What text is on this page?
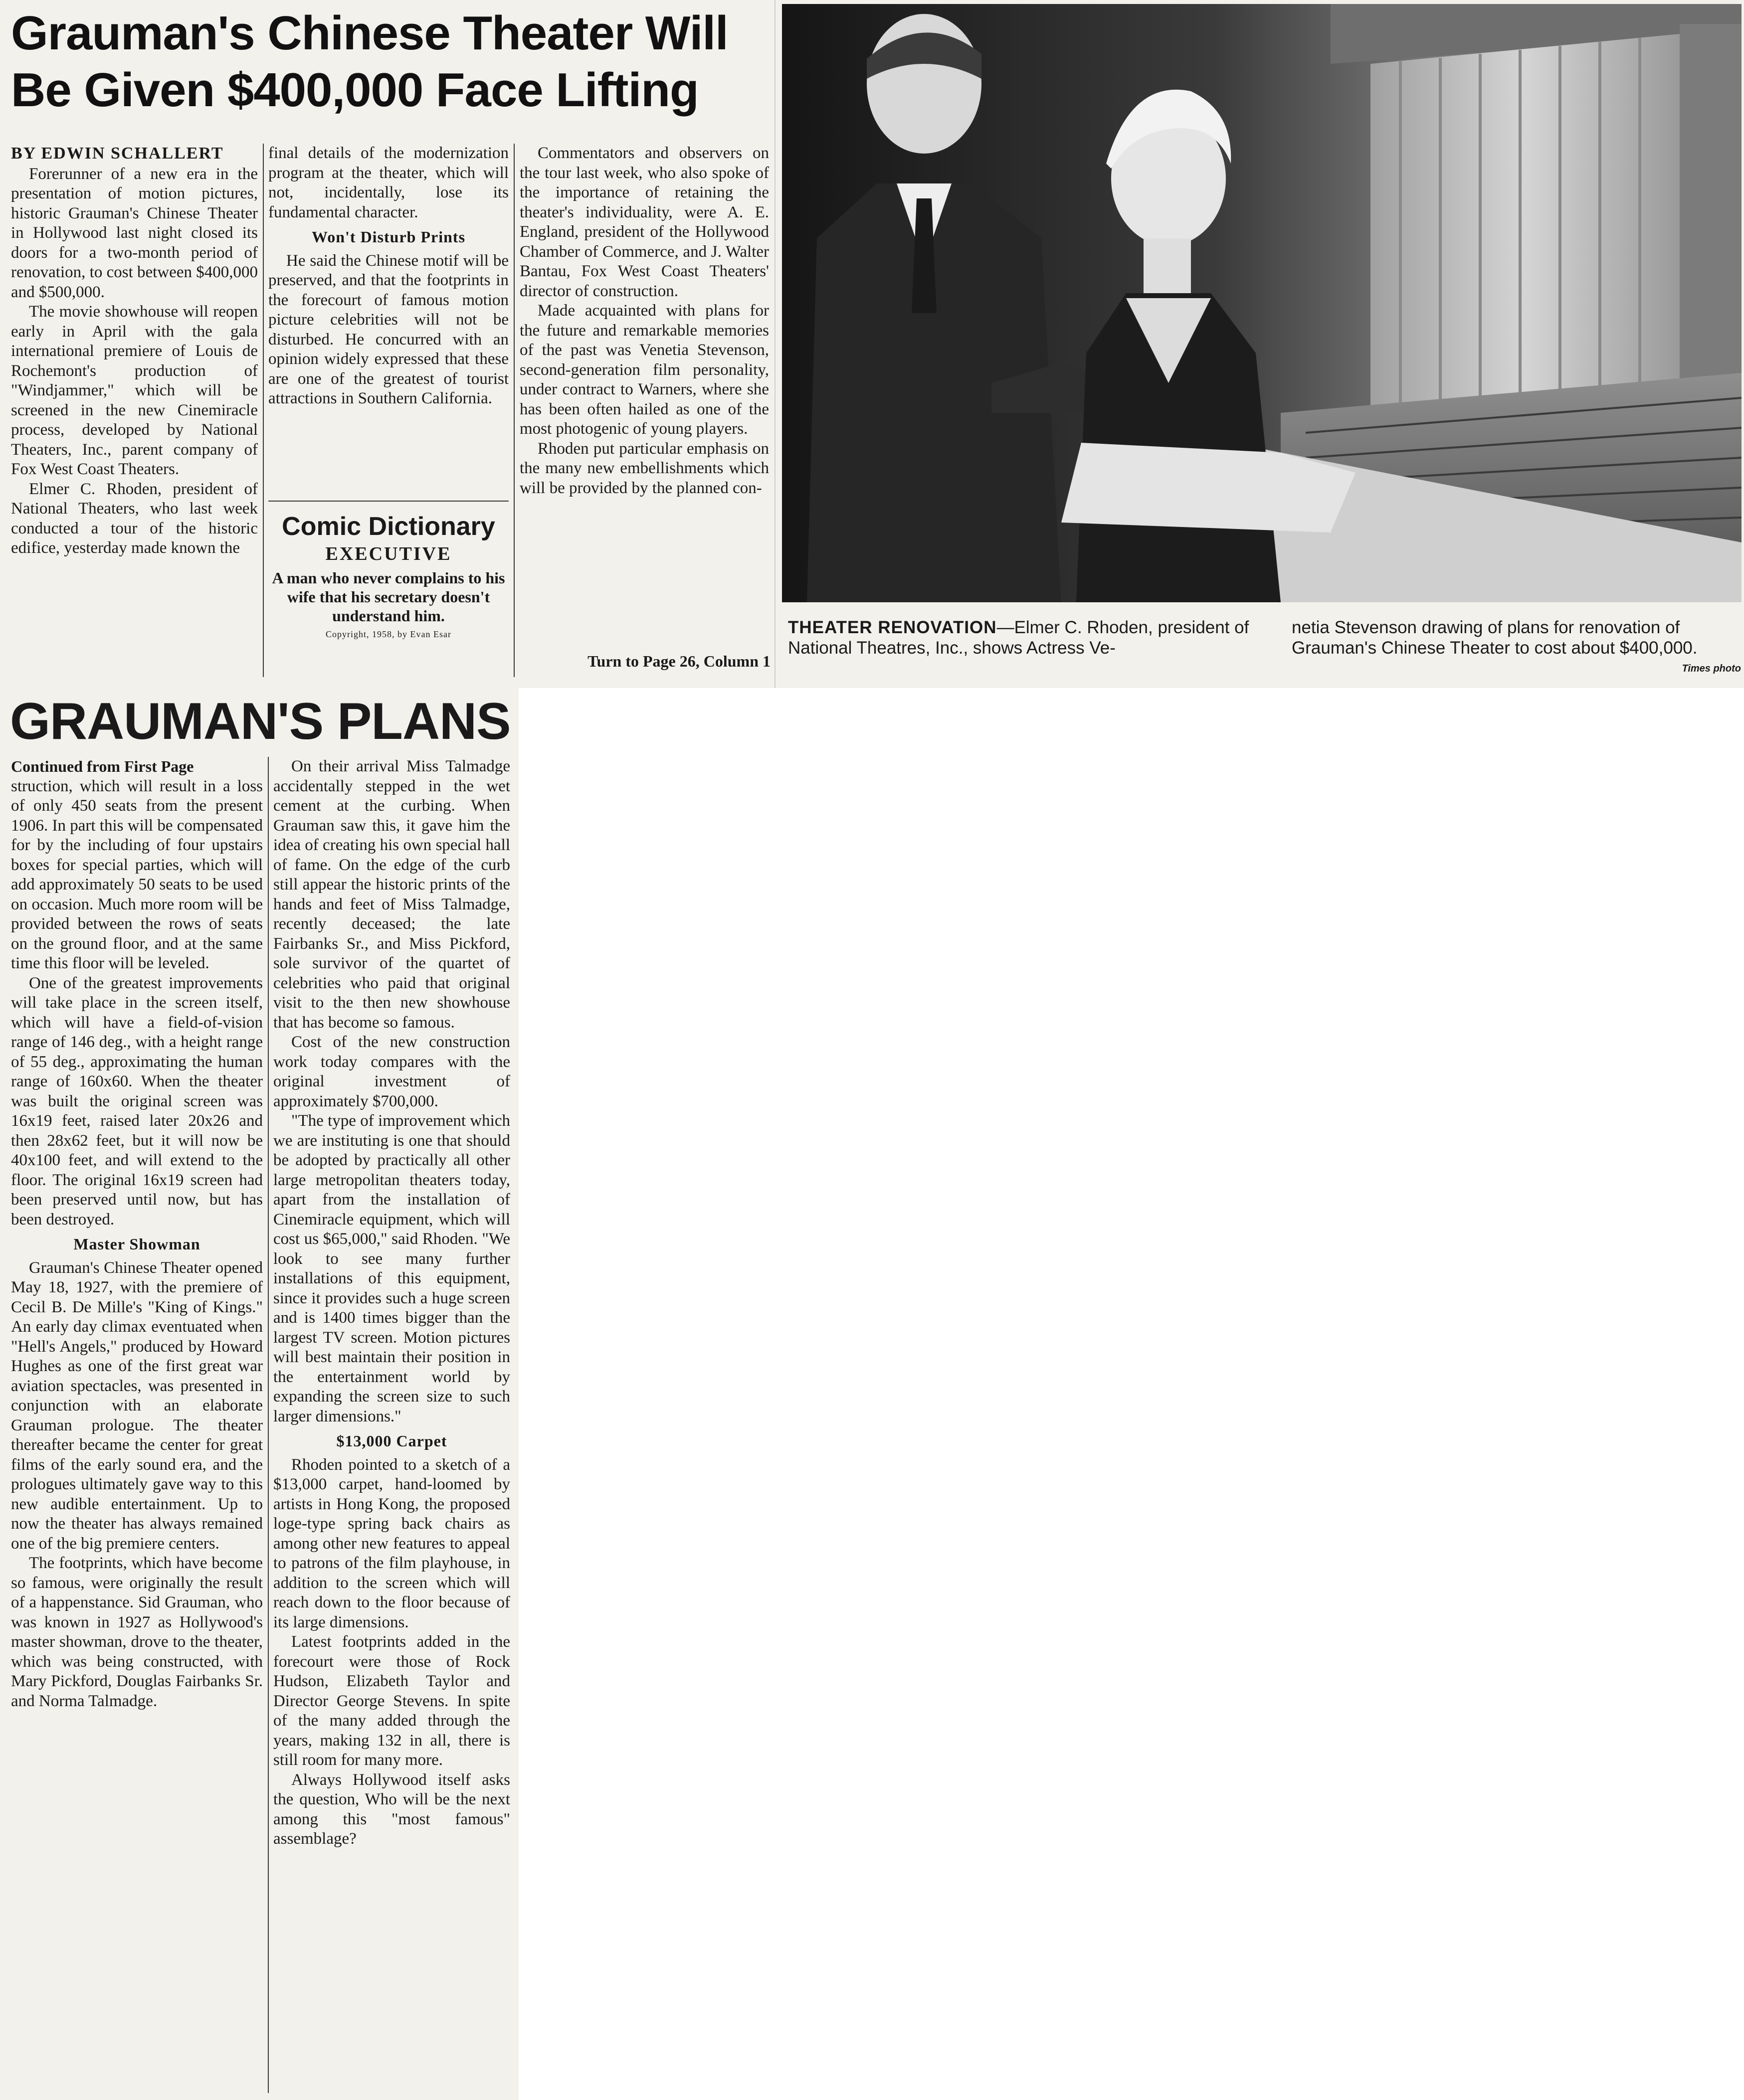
Grauman's Chinese Theater Will
Be Given $400,000 Face Lifting
BY EDWIN SCHALLERT

Forerunner of a new era in the presentation of motion pictures, historic Grauman's Chinese Theater in Hollywood last night closed its doors for a two-month period of renovation, to cost between $400,000 and $500,000.

The movie showhouse will reopen early in April with the gala international premiere of Louis de Rochemont's production of "Windjammer," which will be screened in the new Cinemiracle process, developed by National Theaters, Inc., parent company of Fox West Coast Theaters.

Elmer C. Rhoden, president of National Theaters, who last week conducted a tour of the historic edifice, yesterday made known the

final details of the modernization program at the theater, which will not, incidentally, lose its fundamental character.

Won't Disturb Prints

He said the Chinese motif will be preserved, and that the footprints in the forecourt of famous motion picture celebrities will not be disturbed. He concurred with an opinion widely expressed that these are one of the greatest of tourist attractions in Southern California.

Comic Dictionary
EXECUTIVE
A man who never complains to his wife that his secretary doesn't understand him.
Copyright, 1958, by Evan Esar

Commentators and observers on the tour last week, who also spoke of the importance of retaining the theater's individuality, were A. E. England, president of the Hollywood Chamber of Commerce, and J. Walter Bantau, Fox West Coast Theaters' director of construction.

Made acquainted with plans for the future and remarkable memories of the past was Venetia Stevenson, second-generation film personality, under contract to Warners, where she has been often hailed as one of the most photogenic of young players.

Rhoden put particular emphasis on the many new embellishments which will be provided by the planned con-

Turn to Page 26, Column 1
THEATER RENOVATION—Elmer C. Rhoden, president of National Theatres, Inc., shows Actress Ve-
netia Stevenson drawing of plans for renovation of Grauman's Chinese Theater to cost about $400,000.
Times photo
GRAUMAN'S PLANS

Continued from First Page

struction, which will result in a loss of only 450 seats from the present 1906. In part this will be compensated for by the including of four upstairs boxes for special parties, which will add approximately 50 seats to be used on occasion. Much more room will be provided between the rows of seats on the ground floor, and at the same time this floor will be leveled.

One of the greatest improvements will take place in the screen itself, which will have a field-of-vision range of 146 deg., with a height range of 55 deg., approximating the human range of 160x60. When the theater was built the original screen was 16x19 feet, raised later 20x26 and then 28x62 feet, but it will now be 40x100 feet, and will extend to the floor. The original 16x19 screen had been preserved until now, but has been destroyed.

Master Showman

Grauman's Chinese Theater opened May 18, 1927, with the premiere of Cecil B. De Mille's "King of Kings." An early day climax eventuated when "Hell's Angels," produced by Howard Hughes as one of the first great war aviation spectacles, was presented in conjunction with an elaborate Grauman prologue. The theater thereafter became the center for great films of the early sound era, and the prologues ultimately gave way to this new audible entertainment. Up to now the theater has always remained one of the big premiere centers.

The footprints, which have become so famous, were originally the result of a happenstance. Sid Grauman, who was known in 1927 as Hollywood's master showman, drove to the theater, which was being constructed, with Mary Pickford, Douglas Fairbanks Sr. and Norma Talmadge.

On their arrival Miss Talmadge accidentally stepped in the wet cement at the curbing. When Grauman saw this, it gave him the idea of creating his own special hall of fame. On the edge of the curb still appear the historic prints of the hands and feet of Miss Talmadge, recently deceased; the late Fairbanks Sr., and Miss Pickford, sole survivor of the quartet of celebrities who paid that original visit to the then new showhouse that has become so famous.

Cost of the new construction work today compares with the original investment of approximately $700,000.

"The type of improvement which we are instituting is one that should be adopted by practically all other large metropolitan theaters today, apart from the installation of Cinemiracle equipment, which will cost us $65,000," said Rhoden. "We look to see many further installations of this equipment, since it provides such a huge screen and is 1400 times bigger than the largest TV screen. Motion pictures will best maintain their position in the entertainment world by expanding the screen size to such larger dimensions."

$13,000 Carpet

Rhoden pointed to a sketch of a $13,000 carpet, hand-loomed by artists in Hong Kong, the proposed loge-type spring back chairs as among other new features to appeal to patrons of the film playhouse, in addition to the screen which will reach down to the floor because of its large dimensions.

Latest footprints added in the forecourt were those of Rock Hudson, Elizabeth Taylor and Director George Stevens. In spite of the many added through the years, making 132 in all, there is still room for many more.

Always Hollywood itself asks the question, Who will be the next among this "most famous" assemblage?
